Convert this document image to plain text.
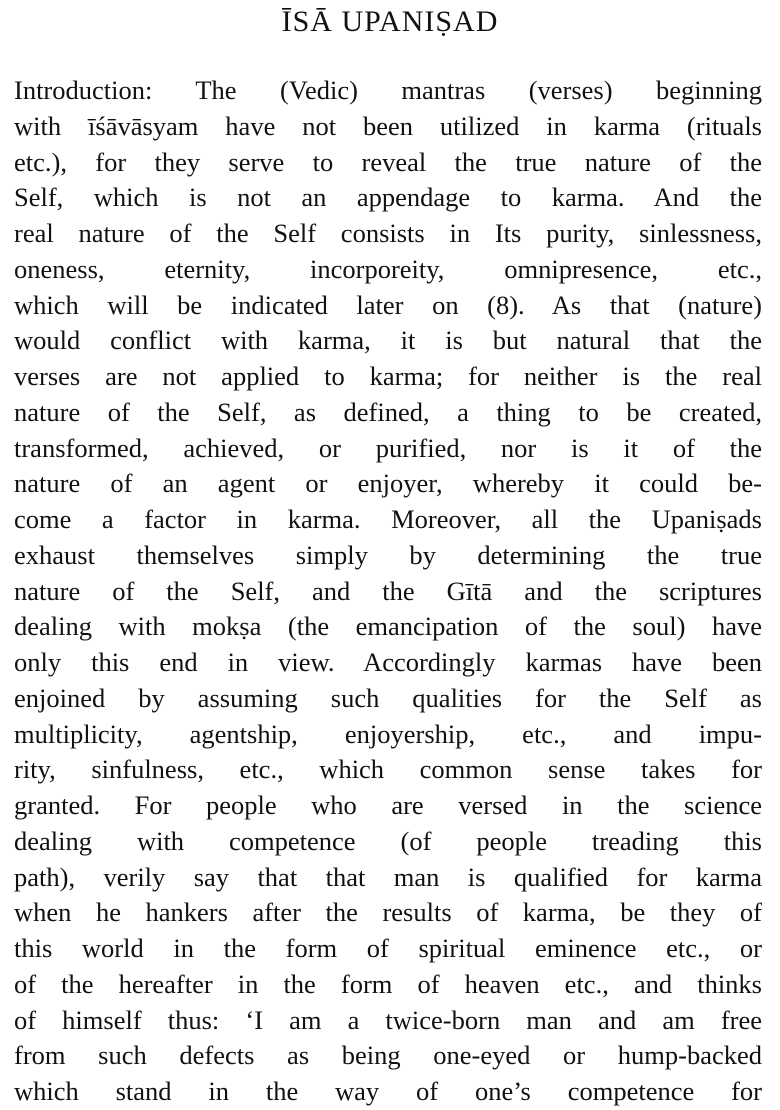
ĪSĀ UPANIṢAD
Introduction: The (Vedic) mantras (verses) beginning
with īśāvāsyam have not been utilized in karma (rituals
etc.), for they serve to reveal the true nature of the
Self, which is not an appendage to karma. And the
real nature of the Self consists in Its purity, sinlessness,
oneness, eternity, incorporeity, omnipresence, etc.,
which will be indicated later on (8). As that (nature)
would conflict with karma, it is but natural that the
verses are not applied to karma; for neither is the real
nature of the Self, as defined, a thing to be created,
transformed, achieved, or purified, nor is it of the
nature of an agent or enjoyer, whereby it could be-
come a factor in karma. Moreover, all the Upaniṣads
exhaust themselves simply by determining the true
nature of the Self, and the Gītā and the scriptures
dealing with mokṣa (the emancipation of the soul) have
only this end in view. Accordingly karmas have been
enjoined by assuming such qualities for the Self as
multiplicity, agentship, enjoyership, etc., and impu-
rity, sinfulness, etc., which common sense takes for
granted. For people who are versed in the science
dealing with competence (of people treading this
path), verily say that that man is qualified for karma
when he hankers after the results of karma, be they of
this world in the form of spiritual eminence etc., or
of the hereafter in the form of heaven etc., and thinks
of himself thus: ‘I am a twice-born man and am free
from such defects as being one-eyed or hump-backed
which stand in the way of one’s competence for
